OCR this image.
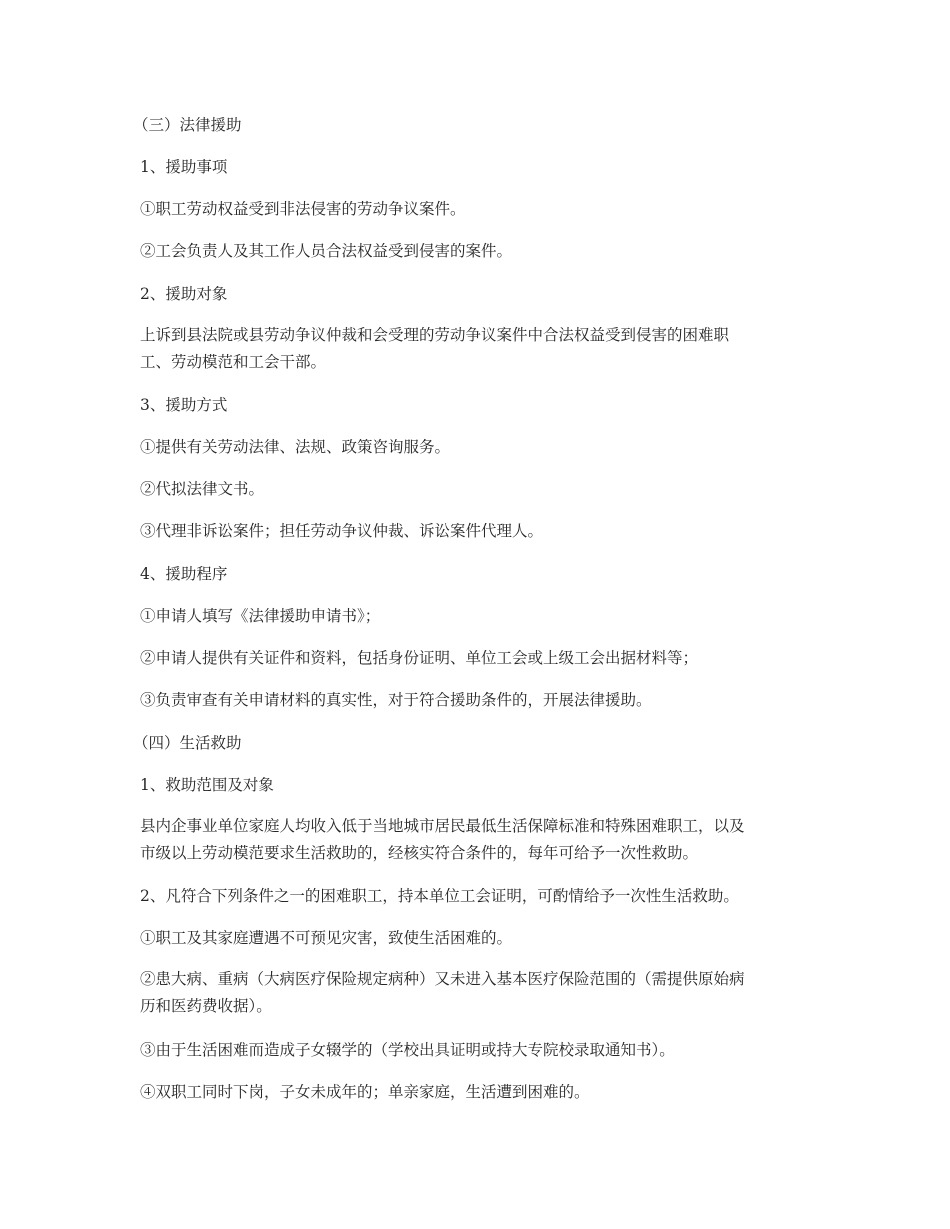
（三）法律援助

1、援助事项

①职工劳动权益受到非法侵害的劳动争议案件。

②工会负责人及其工作人员合法权益受到侵害的案件。

2、援助对象

上诉到县法院或县劳动争议仲裁和会受理的劳动争议案件中合法权益受到侵害的困难职
工、劳动模范和工会干部。

3、援助方式

①提供有关劳动法律、法规、政策咨询服务。

②代拟法律文书。

③代理非诉讼案件；担任劳动争议仲裁、诉讼案件代理人。

4、援助程序

①申请人填写《法律援助申请书》；

②申请人提供有关证件和资料，包括身份证明、单位工会或上级工会出据材料等；

③负责审查有关申请材料的真实性，对于符合援助条件的，开展法律援助。

（四）生活救助

1、救助范围及对象

县内企事业单位家庭人均收入低于当地城市居民最低生活保障标准和特殊困难职工，以及
市级以上劳动模范要求生活救助的，经核实符合条件的，每年可给予一次性救助。

2、凡符合下列条件之一的困难职工，持本单位工会证明，可酌情给予一次性生活救助。

①职工及其家庭遭遇不可预见灾害，致使生活困难的。

②患大病、重病（大病医疗保险规定病种）又未进入基本医疗保险范围的（需提供原始病
历和医药费收据）。

③由于生活困难而造成子女辍学的（学校出具证明或持大专院校录取通知书）。

④双职工同时下岗，子女未成年的；单亲家庭，生活遭到困难的。
